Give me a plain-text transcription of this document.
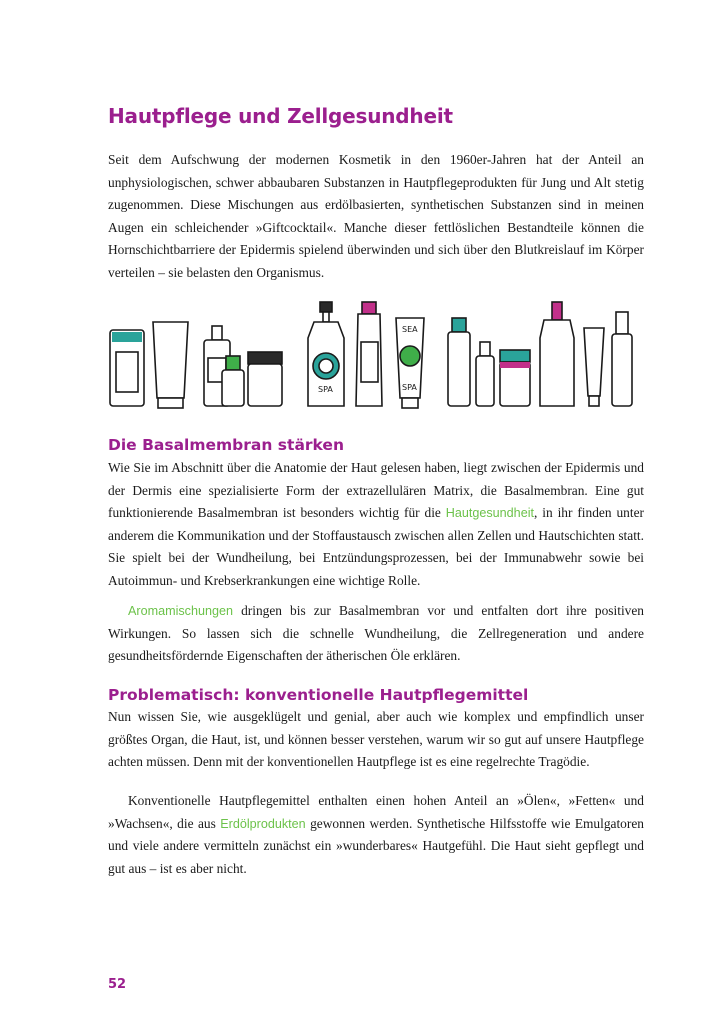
Hautpflege und Zellgesundheit

Seit dem Aufschwung der modernen Kosmetik in den 1960er-Jahren hat der Anteil an unphysiologischen, schwer abbaubaren Substanzen in Hautpflegeprodukten für Jung und Alt stetig zugenommen. Diese Mischungen aus erdölbasierten, synthetischen Substanzen sind in meinen Augen ein schleichender »Giftcocktail«. Manche dieser fettlöslichen Bestandteile können die Hornschichtbarriere der Epidermis spielend überwinden und sich über den Blutkreislauf im Körper verteilen – sie belasten den Organismus.

SPA
SEA
SPA
Die Basalmembran stärken

Wie Sie im Abschnitt über die Anatomie der Haut gelesen haben, liegt zwischen der Epidermis und der Dermis eine spezialisierte Form der extrazellulären Matrix, die Basalmembran. Eine gut funktionierende Basalmembran ist besonders wichtig für die Hautgesundheit, in ihr finden unter anderem die Kommunikation und der Stoffaustausch zwischen allen Zellen und Hautschichten statt. Sie spielt bei der Wundheilung, bei Entzündungsprozessen, bei der Immunabwehr sowie bei Autoimmun- und Krebserkrankungen eine wichtige Rolle.

Aromamischungen dringen bis zur Basalmembran vor und entfalten dort ihre positiven Wirkungen. So lassen sich die schnelle Wundheilung, die Zellregeneration und andere gesundheitsfördernde Eigenschaften der ätherischen Öle erklären.

Problematisch: konventionelle Hautpflegemittel

Nun wissen Sie, wie ausgeklügelt und genial, aber auch wie komplex und empfindlich unser größtes Organ, die Haut, ist, und können besser verstehen, warum wir so gut auf unsere Hautpflege achten müssen. Denn mit der konventionellen Hautpflege ist es eine regelrechte Tragödie.

Konventionelle Hautpflegemittel enthalten einen hohen Anteil an »Ölen«, »Fetten« und »Wachsen«, die aus Erdölprodukten gewonnen werden. Synthetische Hilfsstoffe wie Emulgatoren und viele andere vermitteln zunächst ein »wunderbares« Hautgefühl. Die Haut sieht gepflegt und gut aus – ist es aber nicht.

52
